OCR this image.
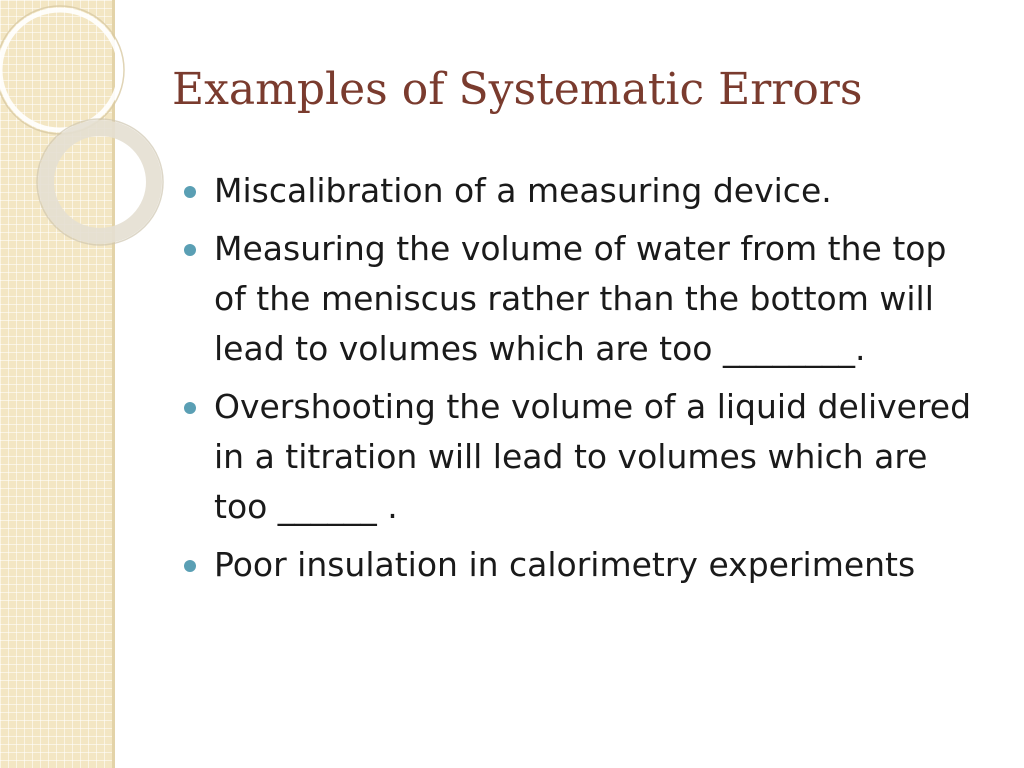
Examples of Systematic Errors
Miscalibration of a measuring device.
Measuring the volume of water from the top of the meniscus rather than the bottom will lead to volumes which are too ________.
Overshooting the volume of a liquid delivered in a titration will lead to volumes which are too ______ .
Poor insulation in calorimetry experiments
